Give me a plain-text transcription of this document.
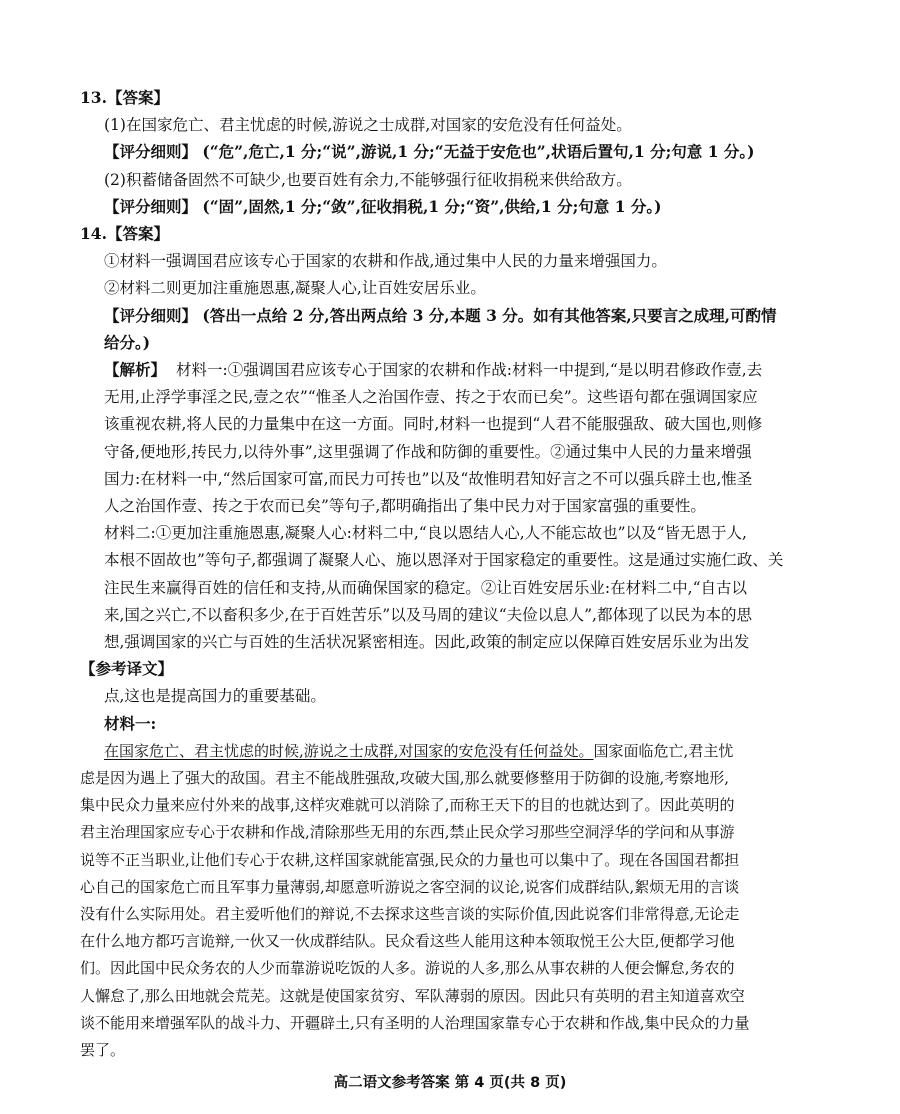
13.【答案】
(1)在国家危亡、君主忧虑的时候,游说之士成群,对国家的安危没有任何益处。
【评分细则】 (“危”,危亡,1 分;“说”,游说,1 分;“无益于安危也”,状语后置句,1 分;句意 1 分。)
(2)积蓄储备固然不可缺少,也要百姓有余力,不能够强行征收捐税来供给敌方。
【评分细则】 (“固”,固然,1 分;“敛”,征收捐税,1 分;“资”,供给,1 分;句意 1 分。)
14.【答案】
①材料一强调国君应该专心于国家的农耕和作战,通过集中人民的力量来增强国力。
②材料二则更加注重施恩惠,凝聚人心,让百姓安居乐业。
【评分细则】 (答出一点给 2 分,答出两点给 3 分,本题 3 分。如有其他答案,只要言之成理,可酌情
给分。)
【解析】 材料一:①强调国君应该专心于国家的农耕和作战:材料一中提到,“是以明君修政作壹,去
无用,止浮学事淫之民,壹之农”“惟圣人之治国作壹、抟之于农而已矣”。这些语句都在强调国家应
该重视农耕,将人民的力量集中在这一方面。同时,材料一也提到“人君不能服强敌、破大国也,则修
守备,便地形,抟民力,以待外事”,这里强调了作战和防御的重要性。②通过集中人民的力量来增强
国力:在材料一中,“然后国家可富,而民力可抟也”以及“故惟明君知好言之不可以强兵辟土也,惟圣
人之治国作壹、抟之于农而已矣”等句子,都明确指出了集中民力对于国家富强的重要性。
材料二:①更加注重施恩惠,凝聚人心:材料二中,“良以恩结人心,人不能忘故也”以及“皆无恩于人,
本根不固故也”等句子,都强调了凝聚人心、施以恩泽对于国家稳定的重要性。这是通过实施仁政、关
注民生来赢得百姓的信任和支持,从而确保国家的稳定。②让百姓安居乐业:在材料二中,“自古以
来,国之兴亡,不以畜积多少,在于百姓苦乐”以及马周的建议“夫俭以息人”,都体现了以民为本的思
想,强调国家的兴亡与百姓的生活状况紧密相连。因此,政策的制定应以保障百姓安居乐业为出发
点,这也是提高国力的重要基础。
【参考译文】
材料一:
在国家危亡、君主忧虑的时候,游说之士成群,对国家的安危没有任何益处。国家面临危亡,君主忧
虑是因为遇上了强大的敌国。君主不能战胜强敌,攻破大国,那么就要修整用于防御的设施,考察地形,
集中民众力量来应付外来的战事,这样灾难就可以消除了,而称王天下的目的也就达到了。因此英明的
君主治理国家应专心于农耕和作战,清除那些无用的东西,禁止民众学习那些空洞浮华的学问和从事游
说等不正当职业,让他们专心于农耕,这样国家就能富强,民众的力量也可以集中了。现在各国国君都担
心自己的国家危亡而且军事力量薄弱,却愿意听游说之客空洞的议论,说客们成群结队,絮烦无用的言谈
没有什么实际用处。君主爱听他们的辩说,不去探求这些言谈的实际价值,因此说客们非常得意,无论走
在什么地方都巧言诡辩,一伙又一伙成群结队。民众看这些人能用这种本领取悦王公大臣,便都学习他
们。因此国中民众务农的人少而靠游说吃饭的人多。游说的人多,那么从事农耕的人便会懈怠,务农的
人懈怠了,那么田地就会荒芜。这就是使国家贫穷、军队薄弱的原因。因此只有英明的君主知道喜欢空
谈不能用来增强军队的战斗力、开疆辟土,只有圣明的人治理国家靠专心于农耕和作战,集中民众的力量
罢了。
高二语文参考答案 第 4 页(共 8 页)
